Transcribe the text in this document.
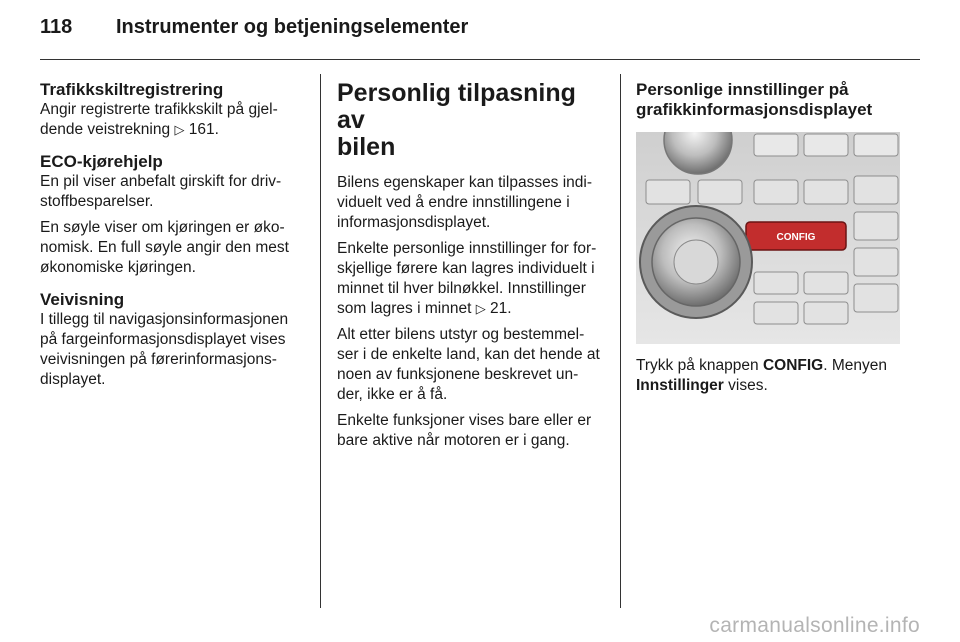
118	Instrumenter og betjeningselementer
Trafikkskiltregistrering

Angir registrerte trafikkskilt på gjel- dende veistrekning ▷ 161.

ECO-kjørehjelp

En pil viser anbefalt girskift for driv-stoffbesparelser.

En søyle viser om kjøringen er øko-nomisk. En full søyle angir den mest økonomiske kjøringen.

Veivisning

I tillegg til navigasjonsinformasjonen på fargeinformasjonsdisplayet vises veivisningen på førerinformasjons-displayet.

Personlig tilpasning av
bilen

Bilens egenskaper kan tilpasses indi-viduelt ved å endre innstillingene i informasjonsdisplayet.

Enkelte personlige innstillinger for for-skjellige førere kan lagres individuelt i minnet til hver bilnøkkel. Innstillinger som lagres i minnet ▷ 21.

Alt etter bilens utstyr og bestemmel-ser i de enkelte land, kan det hende at noen av funksjonene beskrevet un-der, ikke er å få.

Enkelte funksjoner vises bare eller er bare aktive når motoren er i gang.

Personlige innstillinger på
grafikkinformasjonsdisplayet
CONFIG

Trykk på knappen CONFIG. Menyen Innstillinger vises.

carmanualsonline.info
